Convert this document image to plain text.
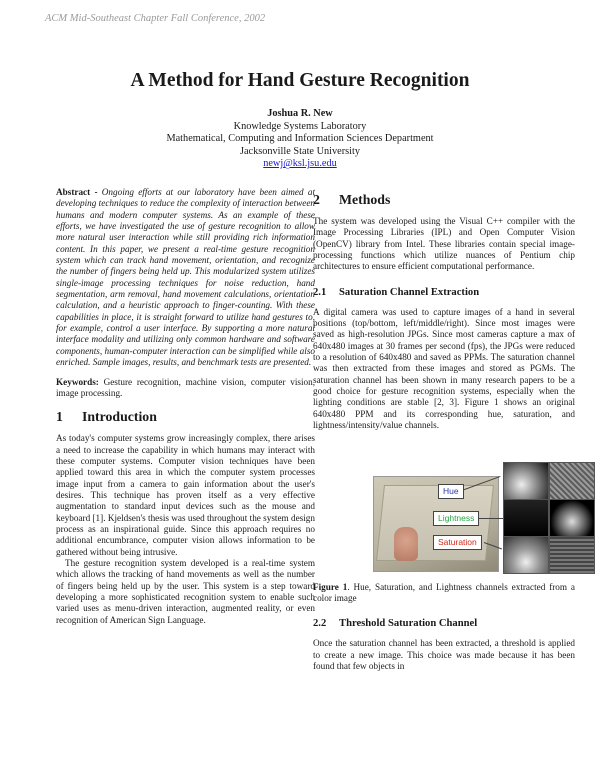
ACM Mid-Southeast Chapter Fall Conference, 2002
A Method for Hand Gesture Recognition
Joshua R. New
Knowledge Systems Laboratory
Mathematical, Computing and Information Sciences Department
Jacksonville State University
newj@ksl.jsu.edu

Abstract - Ongoing efforts at our laboratory have been aimed at developing techniques to reduce the complexity of interaction between humans and modern computer systems. As an example of these efforts, we have investigated the use of gesture recognition to allow more natural user interaction while still providing rich information content. In this paper, we present a real-time gesture recognition system which can track hand movement, orientation, and recognize the number of fingers being held up. This modularized system utilizes single-image processing techniques for noise reduction, hand segmentation, arm removal, hand movement calculations, orientation calculation, and a heuristic approach to finger-counting. With these capabilities in place, it is straight forward to utilize hand gestures to, for example, control a user interface. By supporting a more natural interface modality and utilizing only common hardware and software components, human-computer interaction can be simplified while also enriched. Sample images, results, and benchmark tests are presented.

Keywords: Gesture recognition, machine vision, computer vision, image processing.

1 Introduction

As today's computer systems grow increasingly complex, there arises a need to increase the capability in which humans may interact with these computer systems. Computer vision techniques have been applied toward this area in which the computer system processes image input from a camera to gain information about the user's desires. This technique has proven itself as a very effective augmentation to standard input devices such as the mouse and keyboard [1]. Kjeldsen's thesis was used throughout the system design process as an inspirational guide. Since this approach requires no additional encumbrance, computer vision allows information to be gathered without being intrusive.

The gesture recognition system developed is a real-time system which allows the tracking of hand movements as well as the number of fingers being held up by the user. This system is a step toward developing a more sophisticated recognition system to enable such varied uses as menu-driven interaction, augmented reality, or even recognition of American Sign Language.

2 Methods

The system was developed using the Visual C++ compiler with the Image Processing Libraries (IPL) and Open Computer Vision (OpenCV) library from Intel. These libraries contain special image-processing functions which utilize nuances of Pentium chip architectures to ensure efficient computational performance.

2.1 Saturation Channel Extraction

A digital camera was used to capture images of a hand in several positions (top/bottom, left/middle/right). Since most images were saved as high-resolution JPGs. Since most cameras capture a max of 640x480 images at 30 frames per second (fps), the JPGs were reduced to a resolution of 640x480 and saved as PPMs. The saturation channel was then extracted from these images and stored as PGMs. The saturation channel has been shown in many research papers to be a good choice for gesture recognition systems, especially when the lighting conditions are stable [2, 3]. Figure 1 shows an original 640x480 PPM and its corresponding hue, saturation, and lightness/intensity/value channels.

Hue
Lightness
Saturation

Figure 1. Hue, Saturation, and Lightness channels extracted from a color image

2.2 Threshold Saturation Channel

Once the saturation channel has been extracted, a threshold is applied to create a new image. This choice was made because it has been found that few objects in
